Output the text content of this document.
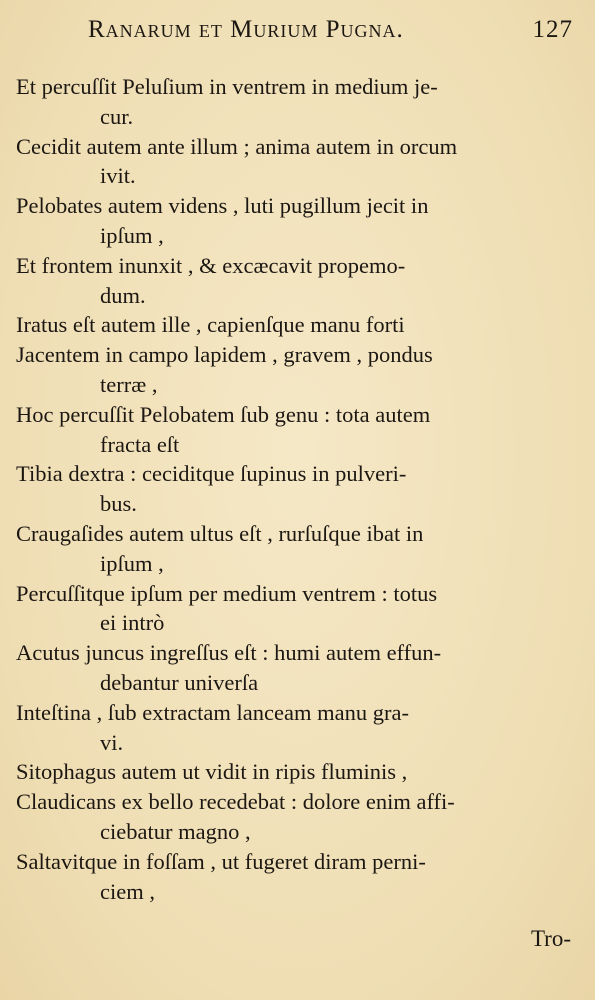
Ranarum et Murium Pugna.	127
Et percuſſit Peluſium in ventrem in medium je-
cur.
Cecidit autem ante illum ; anima autem in orcum
ivit.
Pelobates autem videns , luti pugillum jecit in
ipſum ,
Et frontem inunxit , & excæcavit propemo-
dum.
Iratus eſt autem ille , capienſque manu forti
Jacentem in campo lapidem , gravem , pondus
terræ ,
Hoc percuſſit Pelobatem ſub genu : tota autem
fracta eſt
Tibia dextra : ceciditque ſupinus in pulveri-
bus.
Craugaſides autem ultus eſt , rurſuſque ibat in
ipſum ,
Percuſſitque ipſum per medium ventrem : totus
ei intrò
Acutus juncus ingreſſus eſt : humi autem effun-
debantur univerſa
Inteſtina , ſub extractam lanceam manu gra-
vi.
Sitophagus autem ut vidit in ripis fluminis ,
Claudicans ex bello recedebat : dolore enim affi-
ciebatur magno ,
Saltavitque in foſſam , ut fugeret diram perni-
ciem ,
Tro-
